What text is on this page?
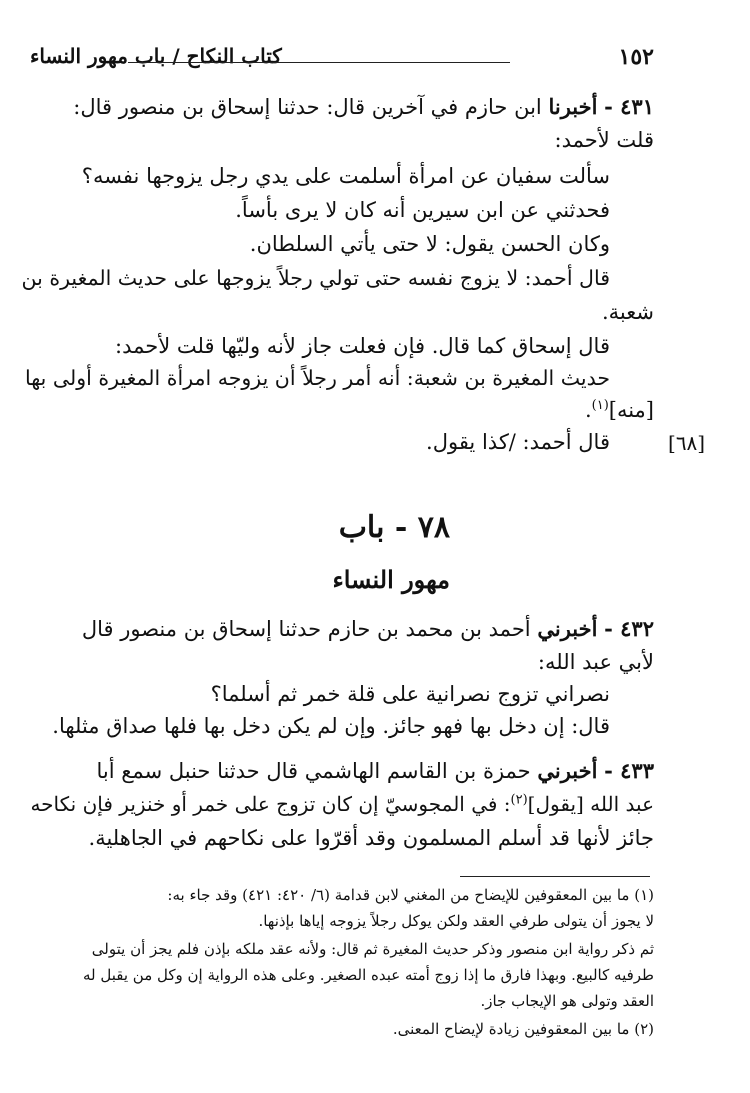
كتاب النكاح / باب مهور النساء	١٥٢
٤٣١ - أخبرنا ابن حازم في آخرين قال: حدثنا إسحاق بن منصور قال:
قلت لأحمد:
سألت سفيان عن امرأة أسلمت على يدي رجل يزوجها نفسه؟
فحدثني عن ابن سيرين أنه كان لا يرى بأساً.
وكان الحسن يقول: لا حتى يأتي السلطان.
قال أحمد: لا يزوج نفسه حتى تولي رجلاً يزوجها على حديث المغيرة بن
شعبة.
قال إسحاق كما قال. فإن فعلت جاز لأنه وليّها قلت لأحمد:
حديث المغيرة بن شعبة: أنه أمر رجلاً أن يزوجه امرأة المغيرة أولى بها
[منه]$^{(١)}$.
قال أحمد: /كذا يقول.	[٦٨]
٧٨ - باب
مهور النساء
٤٣٢ - أخبرني أحمد بن محمد بن حازم حدثنا إسحاق بن منصور قال
لأبي عبد الله:
نصراني تزوج نصرانية على قلة خمر ثم أسلما؟
قال: إن دخل بها فهو جائز. وإن لم يكن دخل بها فلها صداق مثلها.
٤٣٣ - أخبرني حمزة بن القاسم الهاشمي قال حدثنا حنبل سمع أبا
عبد الله [يقول]$^{(٢)}$: في المجوسيّ إن كان تزوج على خمر أو خنزير فإن نكاحه
جائز لأنها قد أسلم المسلمون وقد أقرّوا على نكاحهم في الجاهلية.
(١) ما بين المعقوفين للإيضاح من المغني لابن قدامة (٦/ ٤٢٠: ٤٢١) وقد جاء به:
لا يجوز أن يتولى طرفي العقد ولكن يوكل رجلاً يزوجه إياها بإذنها.
ثم ذكر رواية ابن منصور وذكر حديث المغيرة ثم قال: ولأنه عقد ملكه بإذن فلم يجز أن يتولى
طرفيه كالبيع. وبهذا فارق ما إذا زوج أمته عبده الصغير. وعلى هذه الرواية إن وكل من يقبل له
العقد وتولى هو الإيجاب جاز.
(٢) ما بين المعقوفين زيادة لإيضاح المعنى.
